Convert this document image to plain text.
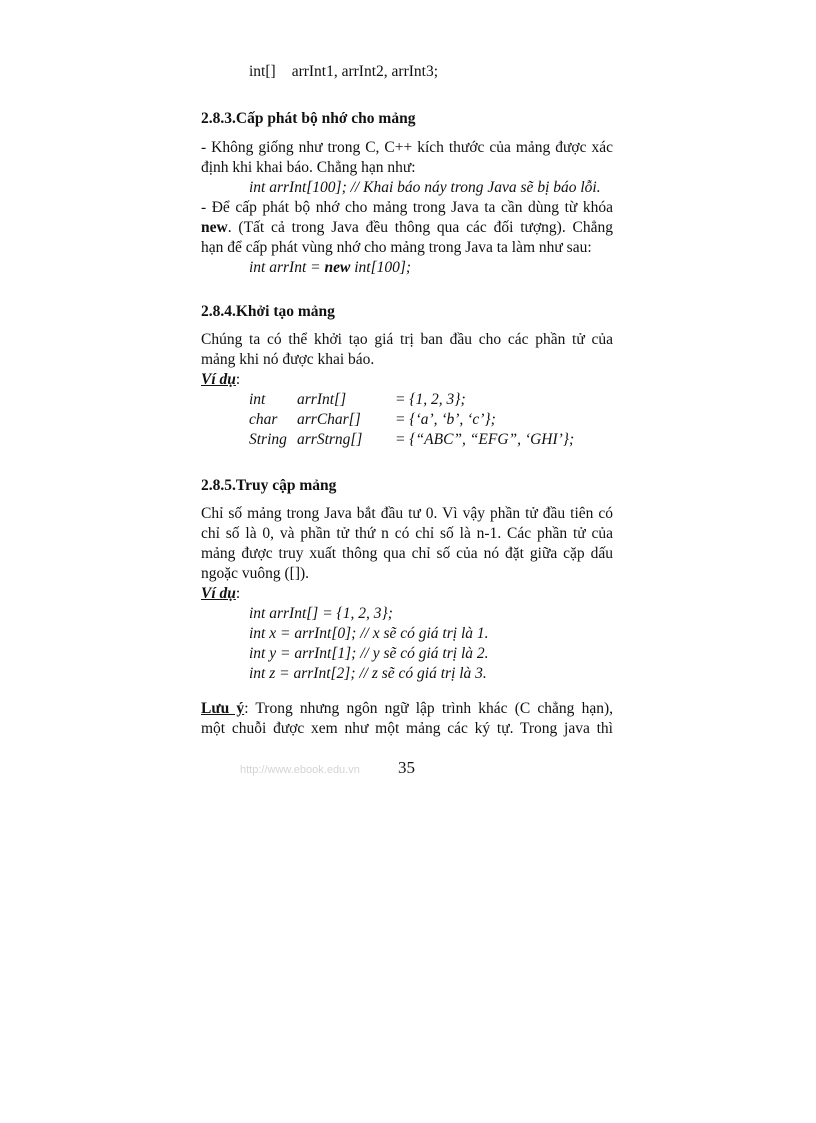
int[] arrInt1, arrInt2, arrInt3;
2.8.3.Cấp phát bộ nhớ cho mảng
- Không giống như trong C, C++ kích thước của mảng được xác
định khi khai báo. Chẳng hạn như:
int arrInt[100]; // Khai báo náy trong Java sẽ bị báo lỗi.
- Để cấp phát bộ nhớ cho mảng trong Java ta cần dùng từ khóa
new. (Tất cả trong Java đều thông qua các đối tượng). Chẳng
hạn để cấp phát vùng nhớ cho mảng trong Java ta làm như sau:
int arrInt = new int[100];
2.8.4.Khởi tạo mảng
Chúng ta có thể khởi tạo giá trị ban đầu cho các phần tử của
mảng khi nó được khai báo.
Ví dụ:
int	arrInt[]	= {1, 2, 3};
char	arrChar[]	= {‘a’, ‘b’, ‘c’};
String arrStrng[]	= {“ABC”, “EFG”, ‘GHI’};
2.8.5.Truy cập mảng
Chỉ số mảng trong Java bắt đầu tư 0. Vì vậy phần tử đầu tiên có
chỉ số là 0, và phần tử thứ n có chỉ số là n-1. Các phần tử của
mảng được truy xuất thông qua chỉ số của nó đặt giữa cặp dấu
ngoặc vuông ([]).
Ví dụ:
int arrInt[] = {1, 2, 3};
int x = arrInt[0]; // x sẽ có giá trị là 1.
int y = arrInt[1]; // y sẽ có giá trị là 2.
int z = arrInt[2]; // z sẽ có giá trị là 3.
Lưu ý: Trong nhưng ngôn ngữ lập trình khác (C chẳng hạn),
một chuỗi được xem như một mảng các ký tự. Trong java thì
http://www.ebook.edu.vn 35
